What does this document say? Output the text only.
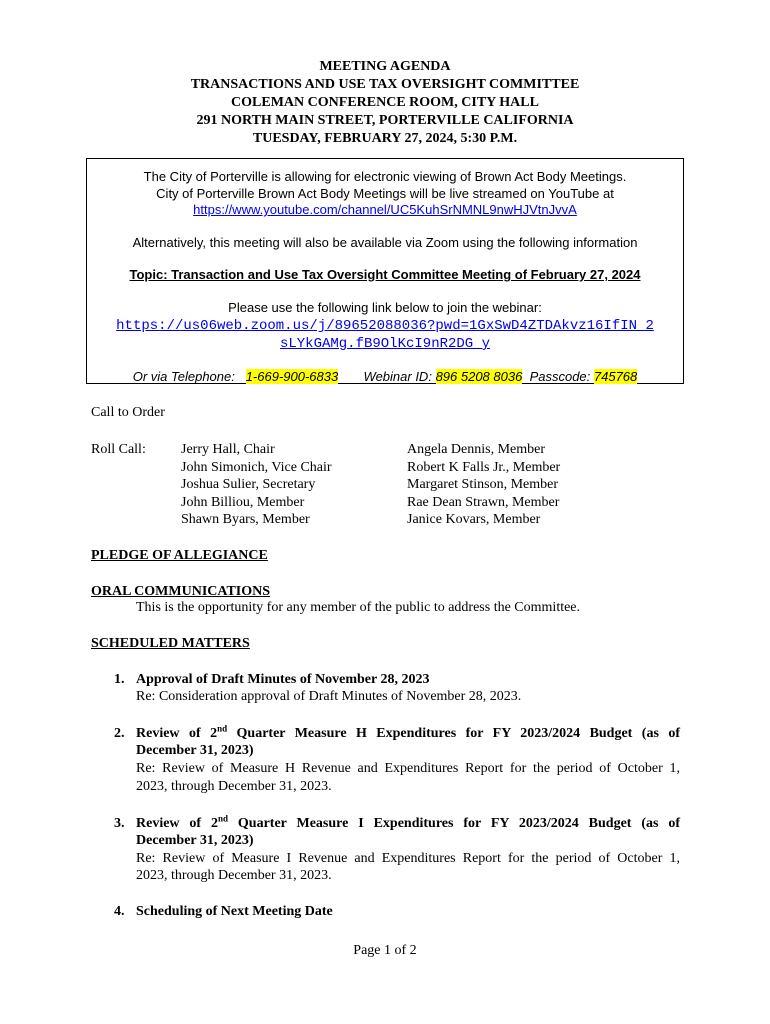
MEETING AGENDA
TRANSACTIONS AND USE TAX OVERSIGHT COMMITTEE
COLEMAN CONFERENCE ROOM, CITY HALL
291 NORTH MAIN STREET, PORTERVILLE CALIFORNIA
TUESDAY, FEBRUARY 27, 2024, 5:30 P.M.
The City of Porterville is allowing for electronic viewing of Brown Act Body Meetings.
City of Porterville Brown Act Body Meetings will be live streamed on YouTube at
https://www.youtube.com/channel/UC5KuhSrNMNL9nwHJVtnJvvA
Alternatively, this meeting will also be available via Zoom using the following information
Topic: Transaction and Use Tax Oversight Committee Meeting of February 27, 2024
Please use the following link below to join the webinar:
https://us06web.zoom.us/j/89652088036?pwd=1GxSwD4ZTDAkvz16IfIN 2
sLYkGAMg.fB9OlKcI9nR2DG_y
Or via Telephone: 1-669-900-6833 Webinar ID: 896 5208 8036 Passcode: 745768
Call to Order
Roll Call:	Jerry Hall, Chair
John Simonich, Vice Chair
Joshua Sulier, Secretary
John Billiou, Member
Shawn Byars, Member
Angela Dennis, Member
Robert K Falls Jr., Member
Margaret Stinson, Member
Rae Dean Strawn, Member
Janice Kovars, Member
PLEDGE OF ALLEGIANCE
ORAL COMMUNICATIONS
This is the opportunity for any member of the public to address the Committee.
SCHEDULED MATTERS
1. Approval of Draft Minutes of November 28, 2023
Re: Consideration approval of Draft Minutes of November 28, 2023.
2. Review of 2nd Quarter Measure H Expenditures for FY 2023/2024 Budget (as of
December 31, 2023)
Re: Review of Measure H Revenue and Expenditures Report for the period of October 1,
2023, through December 31, 2023.
3. Review of 2nd Quarter Measure I Expenditures for FY 2023/2024 Budget (as of
December 31, 2023)
Re: Review of Measure I Revenue and Expenditures Report for the period of October 1,
2023, through December 31, 2023.
4. Scheduling of Next Meeting Date
Page 1 of 2
